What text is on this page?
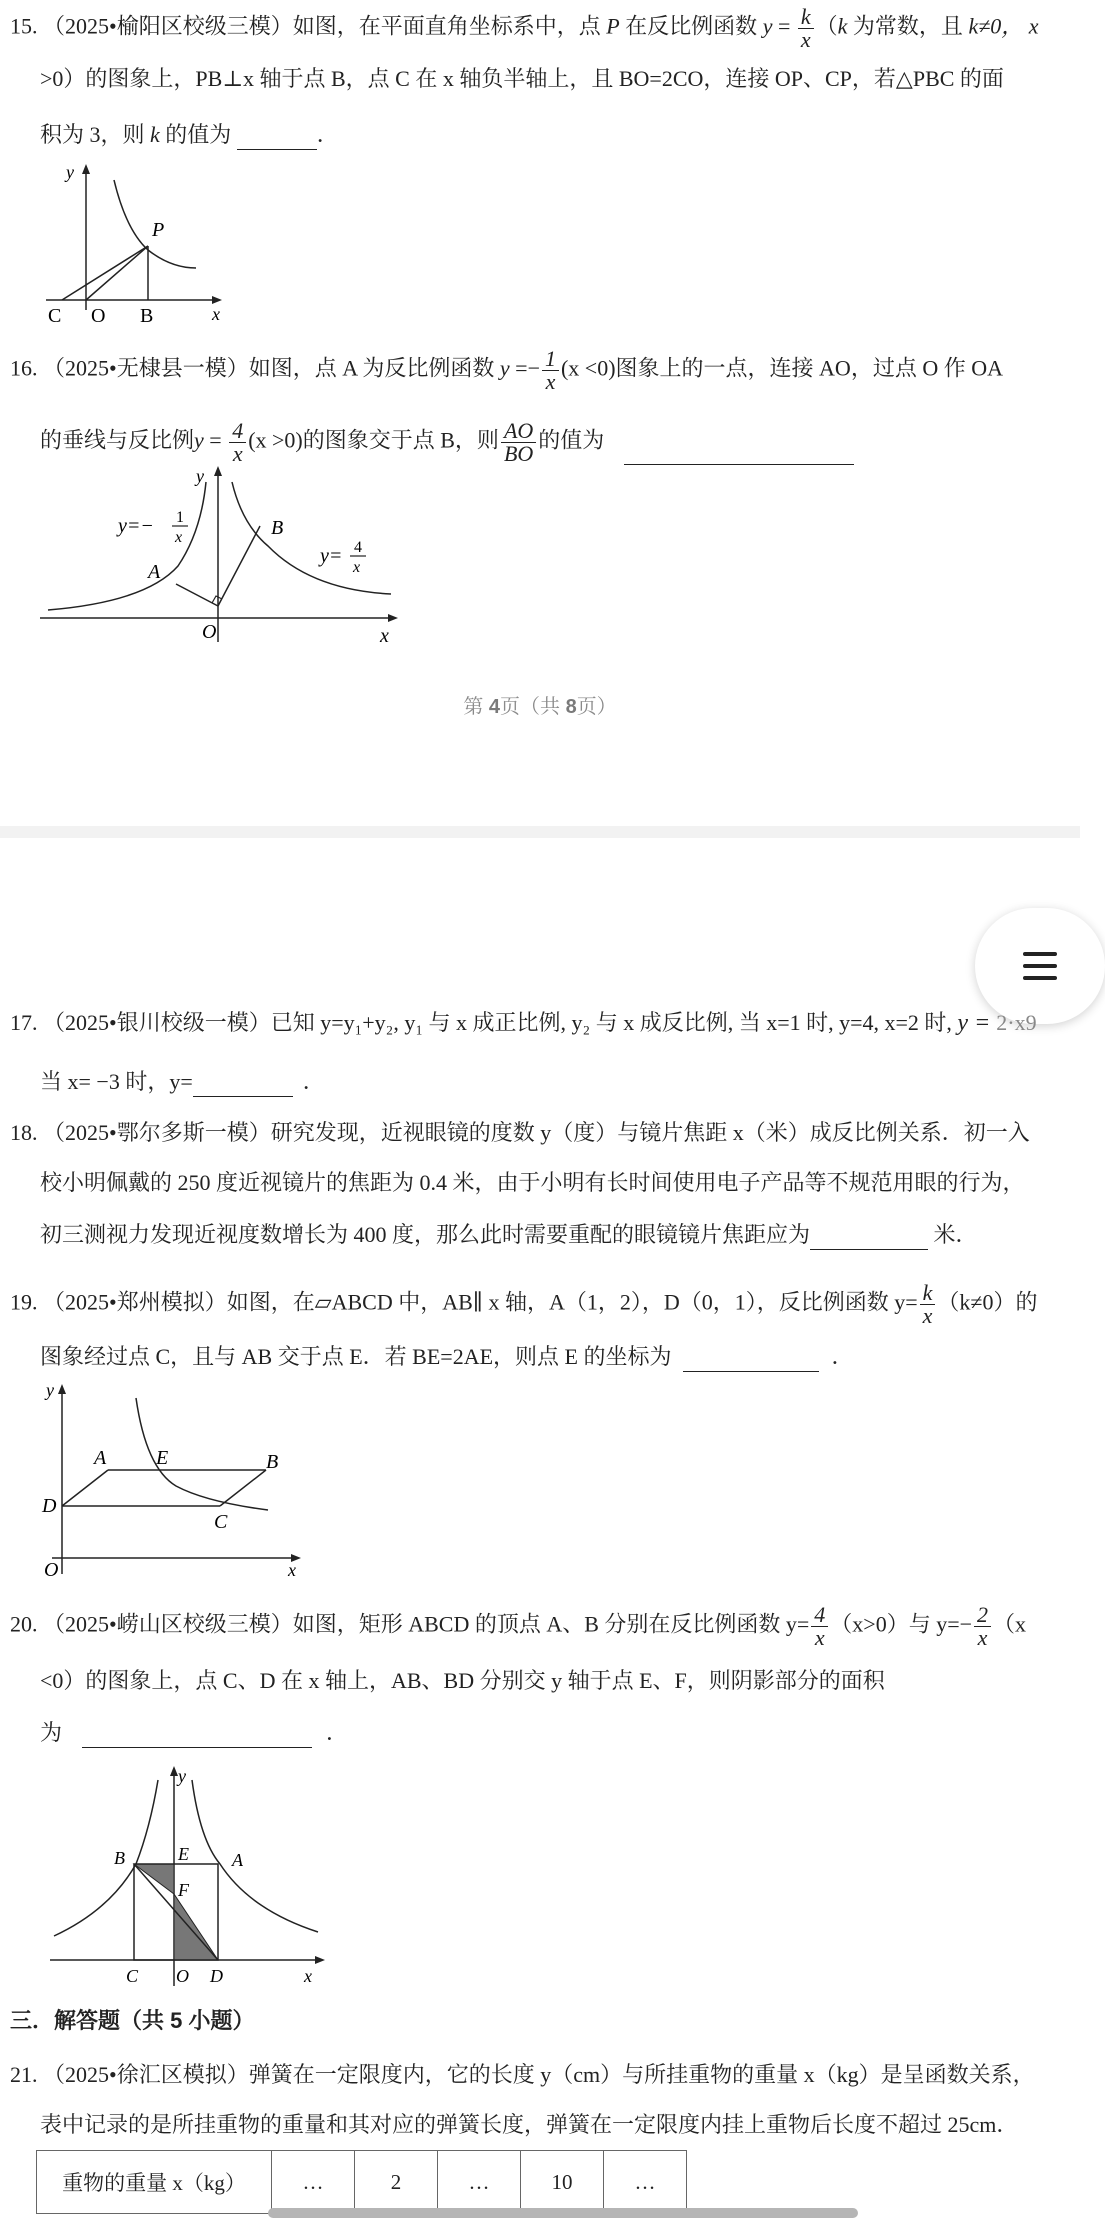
15. （2025•榆阳区校级三模）如图，在平面直角坐标系中，点 P 在反比例函数 $y = \frac{k}{x} (k$ 为常数，且 k≠0， x
>0）的图象上，PB⊥x 轴于点 B，点 C 在 x 轴负半轴上，且 BO=2CO，连接 OP、CP，若△PBC 的面
积为 3，则 k 的值为	．
y
P
C O B	x
16. （2025•无棣县一模）如图，点 A 为反比例函数 $y =- \frac{1}{x} (x <0)$图象上的一点，连接 AO，过点 O 作 OA
的垂线与反比例$y = \frac{4}{x} (x >0)$的图象交于点 B，则 $\frac{AO}{BO}$ 的值为
y
y=− 1
x
A
B
y= 4
x
O	x
第 4页（共 8页）
17. （2025•银川校级一模）已知 y=y₁+y₂, y₁ 与 x 成正比例, y₂ 与 x 成反比例, 当 x=1 时, y=4, x=2 时, y = 2·x9
当 x= −3 时，y=	．
18. （2025•鄂尔多斯一模）研究发现，近视眼镜的度数 y（度）与镜片焦距 x（米）成反比例关系．初一入
校小明佩戴的 250 度近视镜片的焦距为 0.4 米，由于小明有长时间使用电子产品等不规范用眼的行为，
初三测视力发现近视度数增长为 400 度，那么此时需要重配的眼镜镜片焦距应为	米．
19. （2025•郑州模拟）如图，在▱ABCD 中，AB∥ x 轴，A（1，2），D（0，1），反比例函数 $y= \frac{k}{x} (k\ne 0)$的
图象经过点 C，且与 AB 交于点 E．若 BE=2AE，则点 E 的坐标为	．
y
A E	B
D
C
O	x
20. （2025•崂山区校级三模）如图，矩形 ABCD 的顶点 A、B 分别在反比例函数 $y= \frac{4}{x} (x>0)$与 $y=- \frac{2}{x} (x$
<0）的图象上，点 C、D 在 x 轴上，AB、BD 分别交 y 轴于点 E、F，则阴影部分的面积
为	．
y
B	E A
F
C O D	x
三．解答题（共 5 小题）
21. （2025•徐汇区模拟）弹簧在一定限度内，它的长度 y（cm）与所挂重物的重量 x（kg）是呈函数关系，
表中记录的是所挂重物的重量和其对应的弹簧长度，弹簧在一定限度内挂上重物后长度不超过 25cm．
重物的重量 x（kg）	…	2	…	10	…
